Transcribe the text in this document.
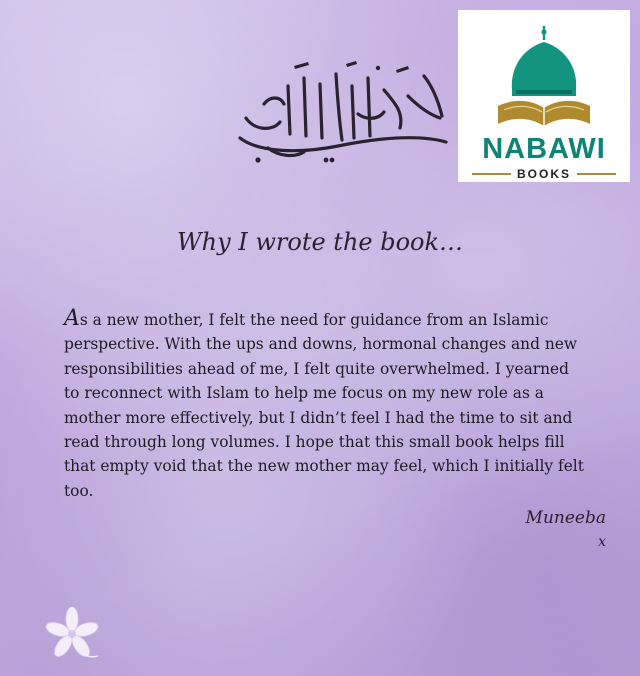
NABAWI
BOOKS
Why I wrote the book…

As a new mother, I felt the need for guidance from an Islamic perspective. With the ups and downs, hormonal changes and new responsibilities ahead of me, I felt quite overwhelmed. I yearned to reconnect with Islam to help me focus on my new role as a mother more effectively, but I didn’t feel I had the time to sit and read through long volumes. I hope that this small book helps fill that empty void that the new mother may feel, which I initially felt too.

Muneeba
x
